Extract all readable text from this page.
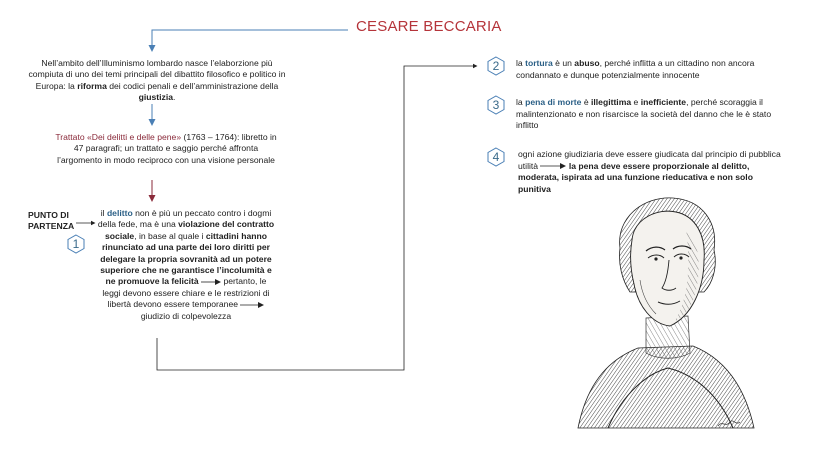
CESARE BECCARIA
Nell’ambito dell’Illuminismo lombardo nasce l’elaborzione più compiuta di uno dei temi principali del dibattito filosofico e politico in Europa: la riforma dei codici penali e dell’amministrazione della giustizia.
Trattato «Dei delitti e delle pene» (1763 – 1764): libretto in 47 paragrafi; un trattato e saggio perché affronta l’argomento in modo reciproco con una visione personale
PUNTO DI
PARTENZA
1
il delitto non è più un peccato contro i dogmi della fede, ma è una violazione del contratto sociale, in base al quale i cittadini hanno rinunciato ad una parte dei loro diritti per delegare la propria sovranità ad un potere superiore che ne garantisce l’incolumità e ne promuove la felicità	pertanto, le leggi devono essere chiare e le restrizioni di libertà devono essere temporanee  giudizio di colpevolezza
2	la tortura è un abuso, perché inflitta a un cittadino non ancora condannato e dunque potenzialmente innocente
3	la pena di morte è illegittima e inefficiente, perché scoraggia il malintenzionato e non risarcisce la società del danno che le è stato inflitto
4	ogni azione giudiziaria deve essere giudicata dal principio di pubblica utilità	la pena deve essere proporzionale al delitto, moderata, ispirata ad una funzione rieducativa e non solo punitiva
